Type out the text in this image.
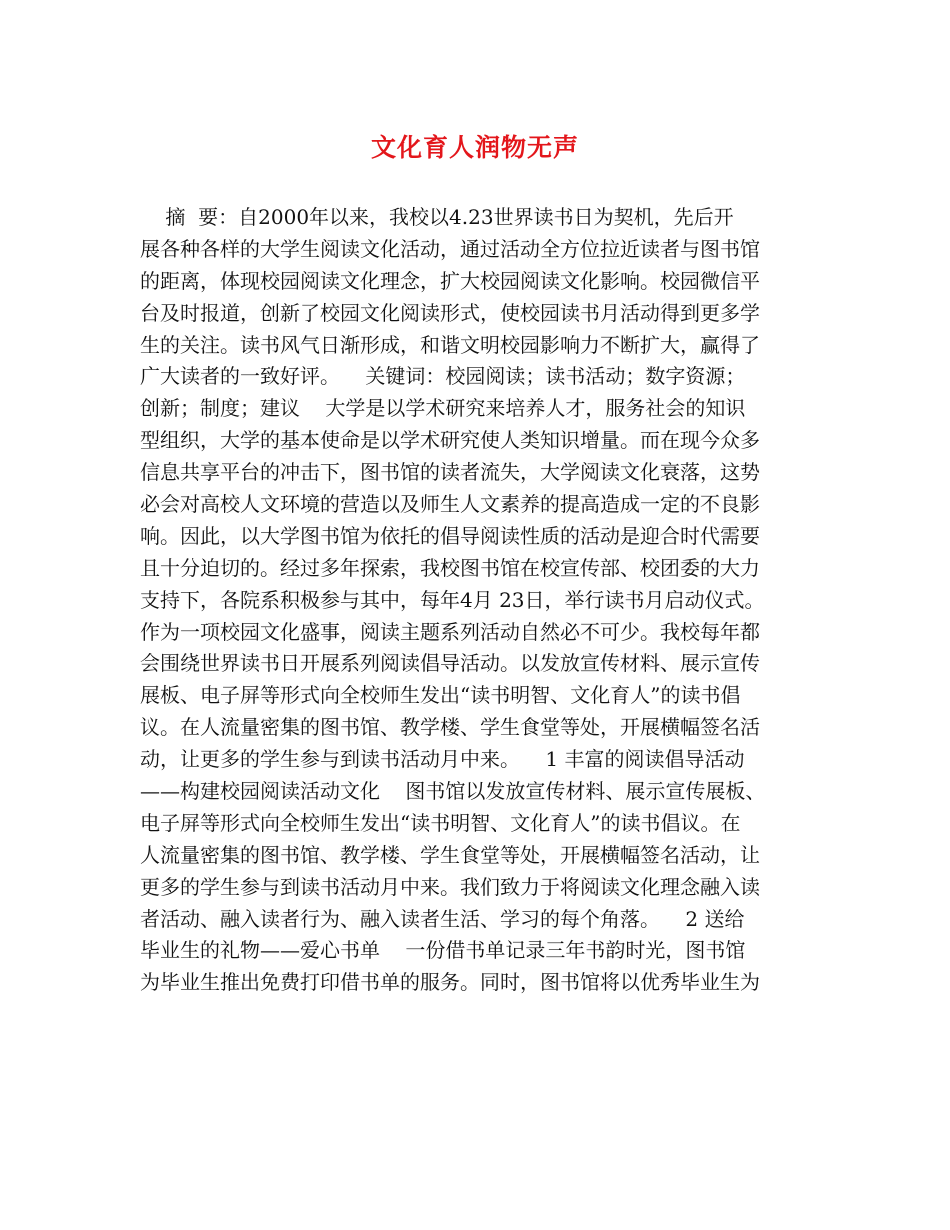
文化育人润物无声
摘  要：自2000年以来，我校以4.23世界读书日为契机，先后开
展各种各样的大学生阅读文化活动，通过活动全方位拉近读者与图书馆
的距离，体现校园阅读文化理念，扩大校园阅读文化影响。校园微信平
台及时报道，创新了校园文化阅读形式，使校园读书月活动得到更多学
生的关注。读书风气日渐形成，和谐文明校园影响力不断扩大，赢得了
广大读者的一致好评。    关键词：校园阅读；读书活动；数字资源；
创新；制度；建议    大学是以学术研究来培养人才，服务社会的知识
型组织，大学的基本使命是以学术研究使人类知识增量。而在现今众多
信息共享平台的冲击下，图书馆的读者流失，大学阅读文化衰落，这势
必会对高校人文环境的营造以及师生人文素养的提高造成一定的不良影
响。因此，以大学图书馆为依托的倡导阅读性质的活动是迎合时代需要
且十分迫切的。经过多年探索，我校图书馆在校宣传部、校团委的大力
支持下，各院系积极参与其中，每年4月 23日，举行读书月启动仪式。
作为一项校园文化盛事，阅读主题系列活动自然必不可少。我校每年都
会围绕世界读书日开展系列阅读倡导活动。以发放宣传材料、展示宣传
展板、电子屏等形式向全校师生发出“读书明智、文化育人”的读书倡
议。在人流量密集的图书馆、教学楼、学生食堂等处，开展横幅签名活
动，让更多的学生参与到读书活动月中来。    1 丰富的阅读倡导活动
——构建校园阅读活动文化    图书馆以发放宣传材料、展示宣传展板、
电子屏等形式向全校师生发出“读书明智、文化育人”的读书倡议。在
人流量密集的图书馆、教学楼、学生食堂等处，开展横幅签名活动，让
更多的学生参与到读书活动月中来。我们致力于将阅读文化理念融入读
者活动、融入读者行为、融入读者生活、学习的每个角落。    2 送给
毕业生的礼物——爱心书单    一份借书单记录三年书韵时光，图书馆
为毕业生推出免费打印借书单的服务。同时，图书馆将以优秀毕业生为
